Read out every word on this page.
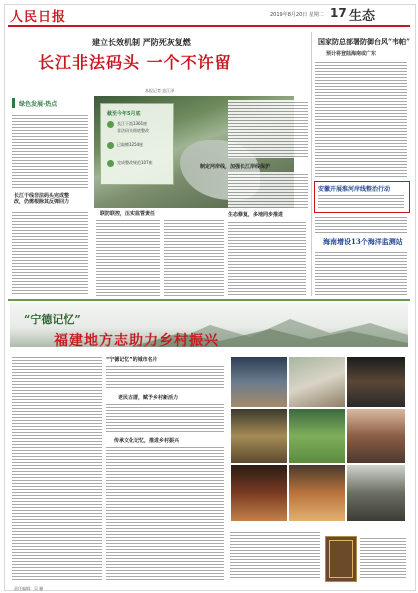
人民日报	2019年8月20日 星期二 17 生态
建立长效机制 严防死灰复燃
长江非法码头 一个不许留
本报记者 寇江泽
绿色发展·热点
长江干线非法码头完成整改，仍需根除其反弹回力
截至今年5月底
长江干流1361座
非法码头彻底整改
已取缔1254座
完成整改规范107座
联防联控，压实监管责任	生态修复，多地同步推进
制定河岸线，加强长江岸线保护
国家防总部署防御台风“韦帕”
预计将登陆海南或广东
安徽开展淮河岸线整治行动
海南增设13个海洋监测站
“宁德记忆”
福建地方志助力乡村振兴
“宁德记忆”的城市名片
老民古厝，赋予乡村新活力
传承文化记忆，推进乡村振兴
责任编辑：吴 姗
